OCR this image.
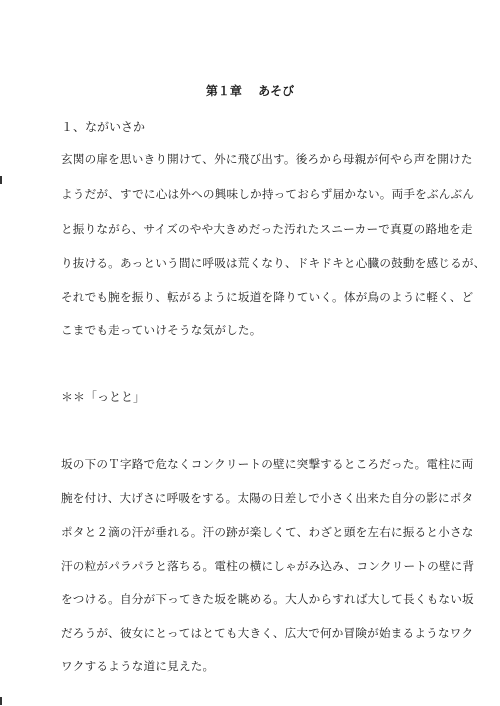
第１章　 あそび
１、ながいさか
玄関の扉を思いきり開けて、外に飛び出す。後ろから母親が何やら声を開けた
ようだが、すでに心は外への興味しか持っておらず届かない。両手をぶんぶん
と振りながら、サイズのやや大きめだった汚れたスニーカーで真夏の路地を走
り抜ける。あっという間に呼吸は荒くなり、ドキドキと心臓の鼓動を感じるが、
それでも腕を振り、転がるように坂道を降りていく。体が鳥のように軽く、ど
こまでも走っていけそうな気がした。
＊＊「っとと」
坂の下のＴ字路で危なくコンクリートの壁に突撃するところだった。電柱に両
腕を付け、大げさに呼吸をする。太陽の日差しで小さく出来た自分の影にポタ
ポタと２滴の汗が垂れる。汗の跡が楽しくて、わざと頭を左右に振ると小さな
汗の粒がパラパラと落ちる。電柱の横にしゃがみ込み、コンクリートの壁に背
をつける。自分が下ってきた坂を眺める。大人からすれば大して長くもない坂
だろうが、彼女にとってはとても大きく、広大で何か冒険が始まるようなワク
ワクするような道に見えた。
